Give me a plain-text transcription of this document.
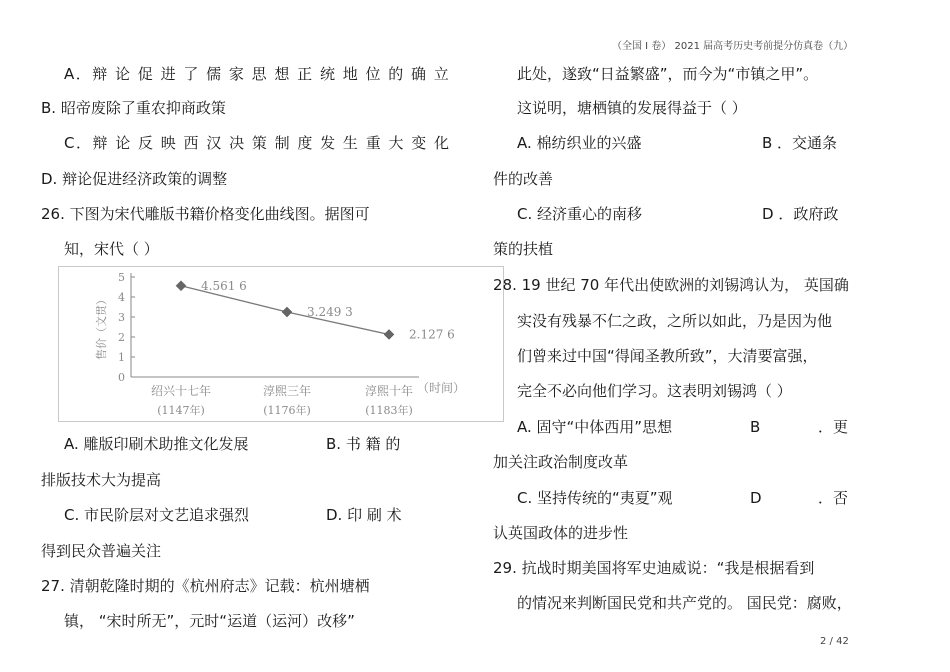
（全国 Ⅰ 卷） 2021 届高考历史考前提分仿真卷（九）
A．辩 论 促 进 了 儒 家 思 想 正 统 地 位 的 确 立
B. 昭帝废除了重农抑商政策
C．辩 论 反 映 西 汉 决 策 制 度 发 生 重 大 变 化
D. 辩论促进经济政策的调整
26. 下图为宋代雕版书籍价格变化曲线图。据图可
知，宋代（ ）
0
1
2
3
4
5
售价（文贯）
4.561 6
绍兴十七年
(1147年)
3.249 3
淳熙三年
(1176年)
2.127 6
淳熙十年
(1183年)
（时间）
A. 雕版印刷术助推文化发展	B. 书 籍 的
排版技术大为提高
C. 市民阶层对文艺追求强烈	D. 印 刷 术
得到民众普遍关注
27. 清朝乾隆时期的《杭州府志》记载：杭州塘栖
镇， “宋时所无”，元时“运道（运河）改移”
此处，遂致“日益繁盛”，而今为“市镇之甲”。
这说明，塘栖镇的发展得益于（ ）
A. 棉纺织业的兴盛	B ．交通条
件的改善
C. 经济重心的南移	D ．政府政
策的扶植
28. 19 世纪 70 年代出使欧洲的刘锡鸿认为， 英国确
实没有残暴不仁之政，之所以如此，乃是因为他
们曾来过中国“得闻圣教所致”，大清要富强，
完全不必向他们学习。这表明刘锡鸿（ ）
A. 固守“中体西用”思想	B	．更
加关注政治制度改革
C. 坚持传统的“夷夏”观	D	．否
认英国政体的进步性
29. 抗战时期美国将军史迪威说：“我是根据看到
的情况来判断国民党和共产党的。 国民党：腐败，
2 / 42
